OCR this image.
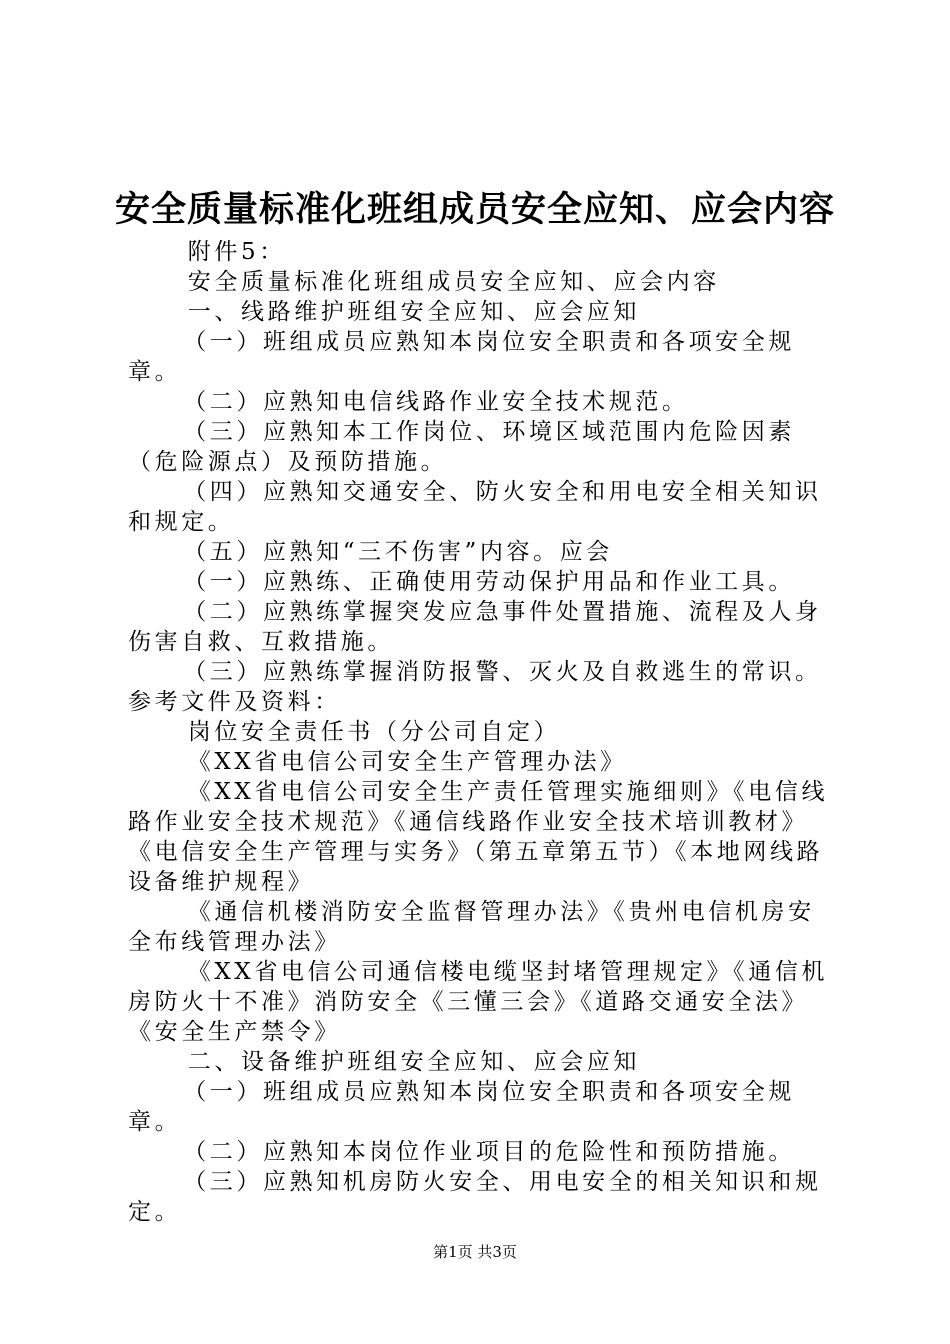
安全质量标准化班组成员安全应知、应会内容

附件5：

安全质量标准化班组成员安全应知、应会内容

一、线路维护班组安全应知、应会应知

（一）班组成员应熟知本岗位安全职责和各项安全规章。

（二）应熟知电信线路作业安全技术规范。

（三）应熟知本工作岗位、环境区域范围内危险因素（危险源点）及预防措施。

（四）应熟知交通安全、防火安全和用电安全相关知识和规定。

（五）应熟知“三不伤害”内容。应会

（一）应熟练、正确使用劳动保护用品和作业工具。

（二）应熟练掌握突发应急事件处置措施、流程及人身伤害自救、互救措施。

（三）应熟练掌握消防报警、灭火及自救逃生的常识。参考文件及资料：

岗位安全责任书（分公司自定）

《XX省电信公司安全生产管理办法》

《XX省电信公司安全生产责任管理实施细则》《电信线路作业安全技术规范》《通信线路作业安全技术培训教材》《电信安全生产管理与实务》（第五章第五节）《本地网线路设备维护规程》

《通信机楼消防安全监督管理办法》《贵州电信机房安全布线管理办法》

《XX省电信公司通信楼电缆坚封堵管理规定》《通信机房防火十不准》消防安全《三懂三会》《道路交通安全法》《安全生产禁令》

二、设备维护班组安全应知、应会应知

（一）班组成员应熟知本岗位安全职责和各项安全规章。

（二）应熟知本岗位作业项目的危险性和预防措施。

（三）应熟知机房防火安全、用电安全的相关知识和规定。

第1页 共3页
